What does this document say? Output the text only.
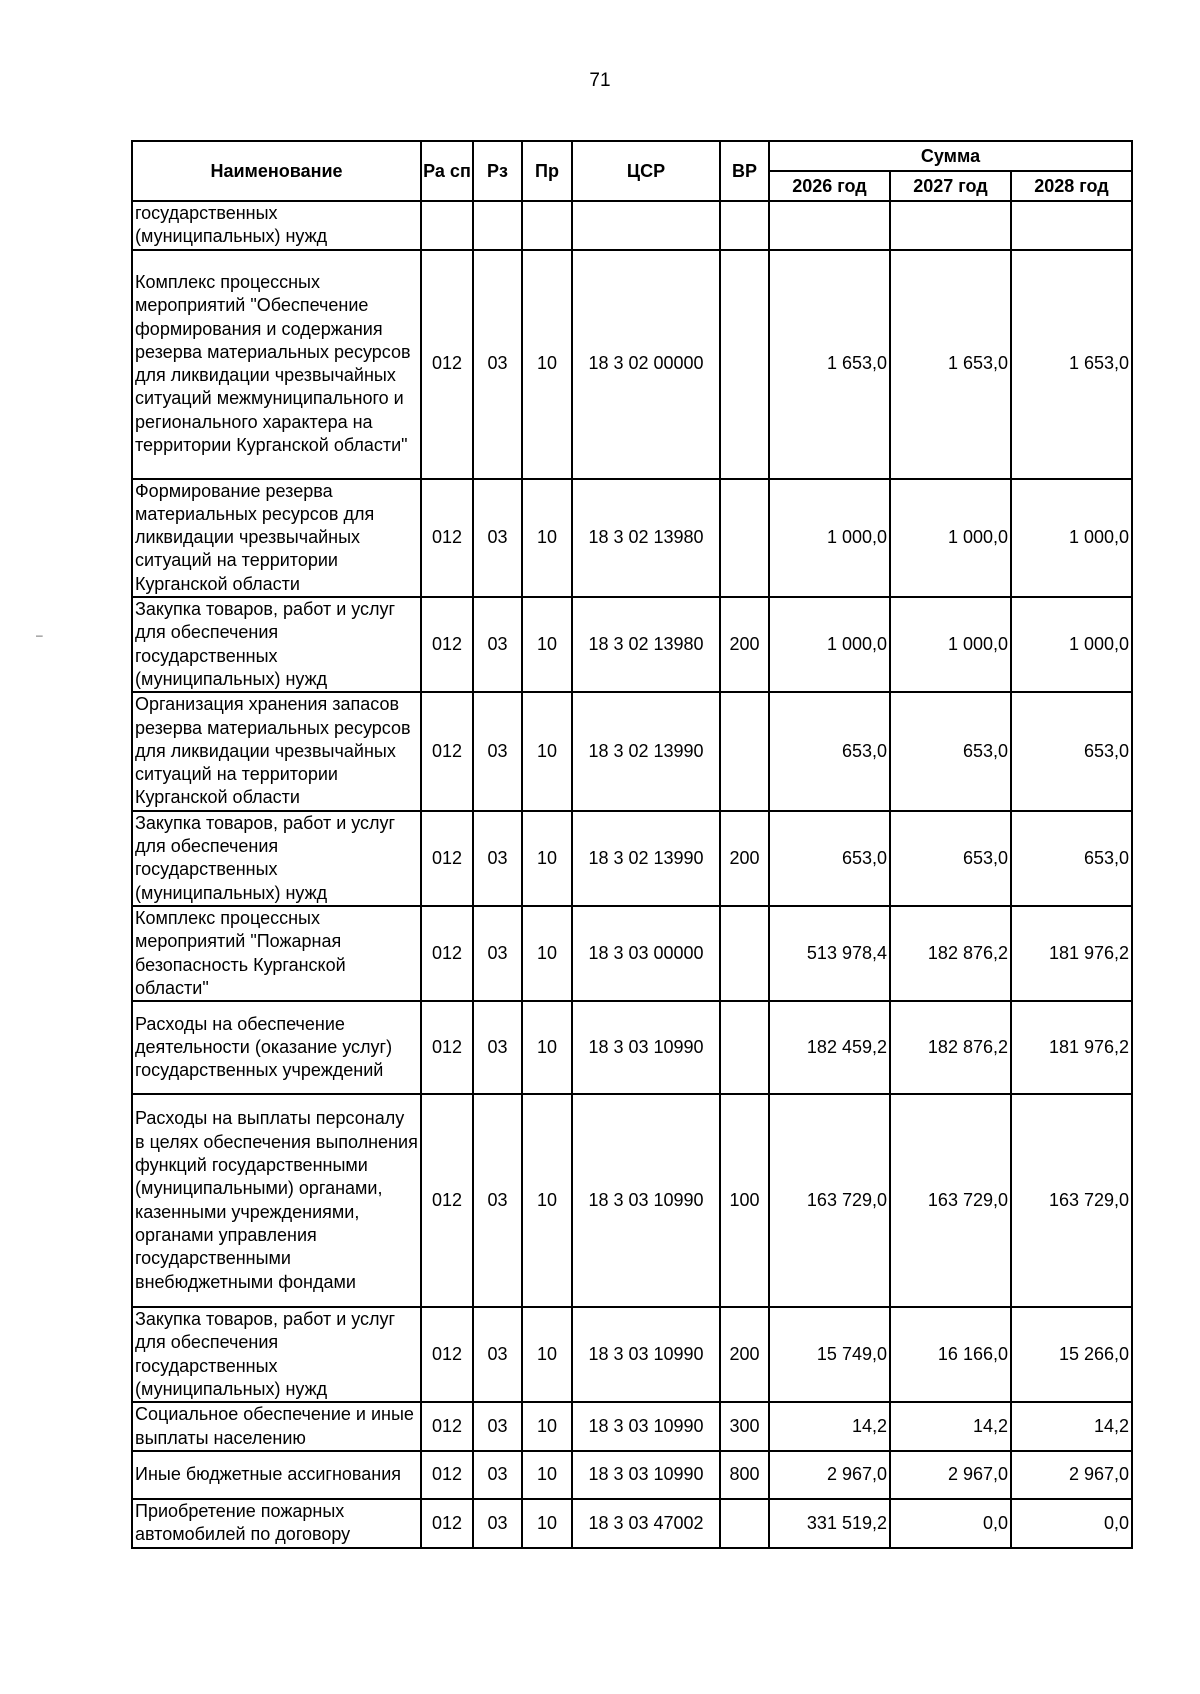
71
Наименование	Ра сп	Рз	Пр	ЦСР	ВР	Сумма		
						2026 год	2027 год	2028 год
государственных (муниципальных) нужд								
Комплекс процессных мероприятий "Обеспечение формирования и содержания резерва материальных ресурсов для ликвидации чрезвычайных ситуаций межмуниципального и регионального характера на территории Курганской области"	012	03	10	18 3 02 00000		1 653,0	1 653,0	1 653,0
Формирование резерва материальных ресурсов для ликвидации чрезвычайных ситуаций на территории Курганской области	012	03	10	18 3 02 13980		1 000,0	1 000,0	1 000,0
Закупка товаров, работ и услуг для обеспечения государственных (муниципальных) нужд	012	03	10	18 3 02 13980	200	1 000,0	1 000,0	1 000,0
Организация хранения запасов резерва материальных ресурсов для ликвидации чрезвычайных ситуаций на территории Курганской области	012	03	10	18 3 02 13990		653,0	653,0	653,0
Закупка товаров, работ и услуг для обеспечения государственных (муниципальных) нужд	012	03	10	18 3 02 13990	200	653,0	653,0	653,0
Комплекс процессных мероприятий "Пожарная безопасность Курганской области"	012	03	10	18 3 03 00000		513 978,4	182 876,2	181 976,2
Расходы на обеспечение деятельности (оказание услуг) государственных учреждений	012	03	10	18 3 03 10990		182 459,2	182 876,2	181 976,2
Расходы на выплаты персоналу в целях обеспечения выполнения функций государственными (муниципальными) органами, казенными учреждениями, органами управления государственными внебюджетными фондами	012	03	10	18 3 03 10990	100	163 729,0	163 729,0	163 729,0
Закупка товаров, работ и услуг для обеспечения государственных (муниципальных) нужд	012	03	10	18 3 03 10990	200	15 749,0	16 166,0	15 266,0
Социальное обеспечение и иные выплаты населению	012	03	10	18 3 03 10990	300	14,2	14,2	14,2
Иные бюджетные ассигнования	012	03	10	18 3 03 10990	800	2 967,0	2 967,0	2 967,0
Приобретение пожарных автомобилей по договору	012	03	10	18 3 03 47002		331 519,2	0,0	0,0
–
